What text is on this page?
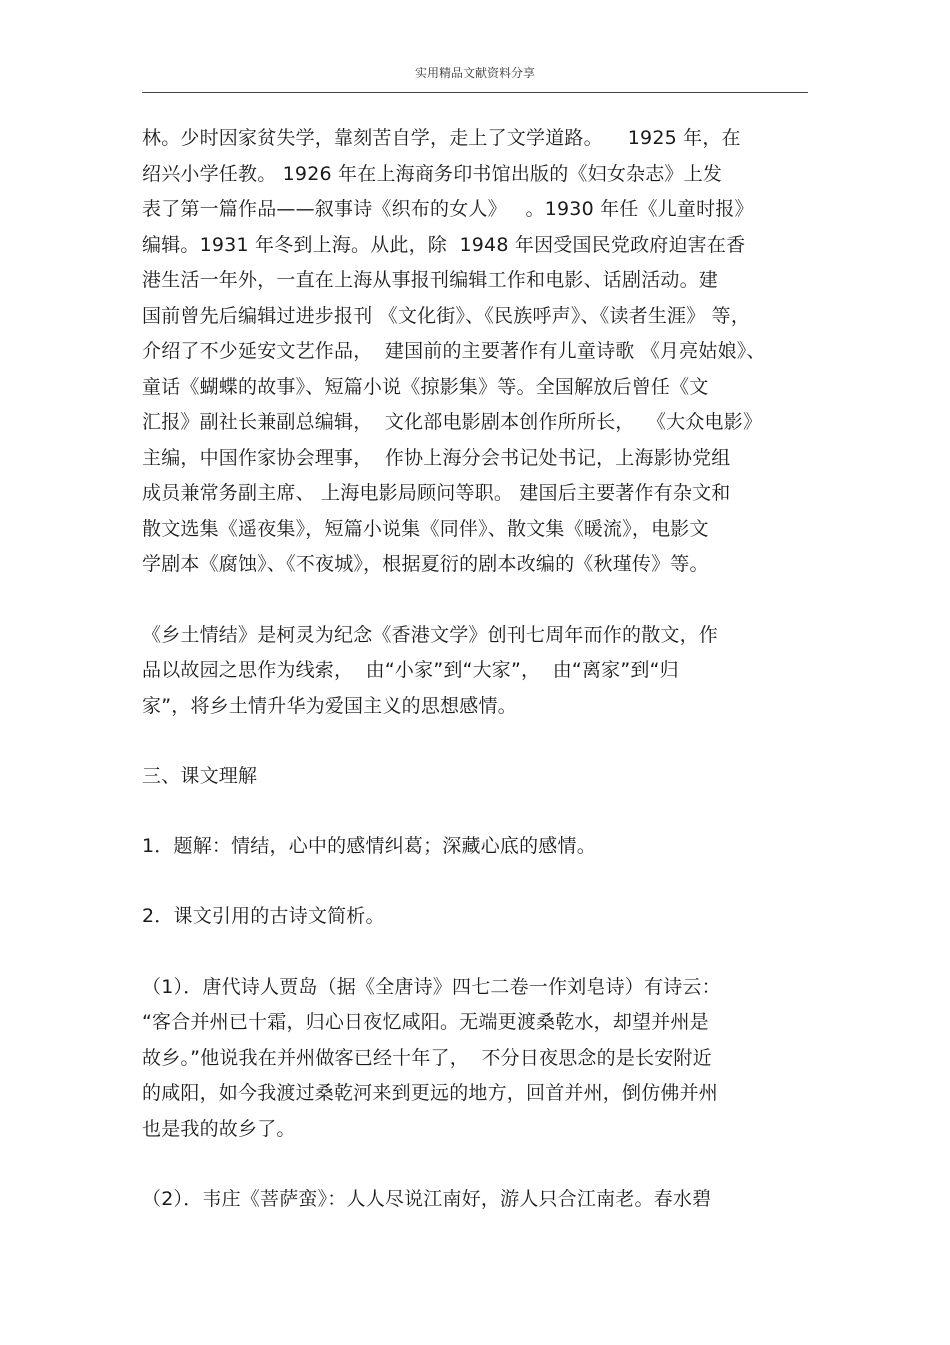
实用精品文献资料分享
林。少时因家贫失学，靠刻苦自学，走上了文学道路。    1925 年，在
绍兴小学任教。 1926 年在上海商务印书馆出版的《妇女杂志》上发
表了第一篇作品——叙事诗《织布的女人》   。1930 年任《儿童时报》
编辑。1931 年冬到上海。从此，除  1948 年因受国民党政府迫害在香
港生活一年外，一直在上海从事报刊编辑工作和电影、话剧活动。建
国前曾先后编辑过进步报刊 《文化街》、《民族呼声》、《读者生涯》 等，
介绍了不少延安文艺作品，  建国前的主要著作有儿童诗歌 《月亮姑娘》、
童话《蝴蝶的故事》、短篇小说《掠影集》等。全国解放后曾任《文
汇报》副社长兼副总编辑，  文化部电影剧本创作所所长，  《大众电影》
主编，中国作家协会理事，  作协上海分会书记处书记，上海影协党组
成员兼常务副主席、 上海电影局顾问等职。 建国后主要著作有杂文和
散文选集《遥夜集》，短篇小说集《同伴》、散文集《暖流》，电影文
学剧本《腐蚀》、《不夜城》，根据夏衍的剧本改编的《秋瑾传》等。
《乡土情结》是柯灵为纪念《香港文学》创刊七周年而作的散文，作
品以故园之思作为线索，  由“小家”到“大家”，  由“离家”到“归
家”，将乡土情升华为爱国主义的思想感情。
三、课文理解
1．题解：情结，心中的感情纠葛；深藏心底的感情。
2．课文引用的古诗文简析。
（1）．唐代诗人贾岛（据《全唐诗》四七二卷一作刘皂诗）有诗云：
“客合并州已十霜，归心日夜忆咸阳。无端更渡桑乾水，却望并州是
故乡。”他说我在并州做客已经十年了，  不分日夜思念的是长安附近
的咸阳，如今我渡过桑乾河来到更远的地方，回首并州，倒仿佛并州
也是我的故乡了。
（2）．韦庄《菩萨蛮》：人人尽说江南好，游人只合江南老。春水碧
